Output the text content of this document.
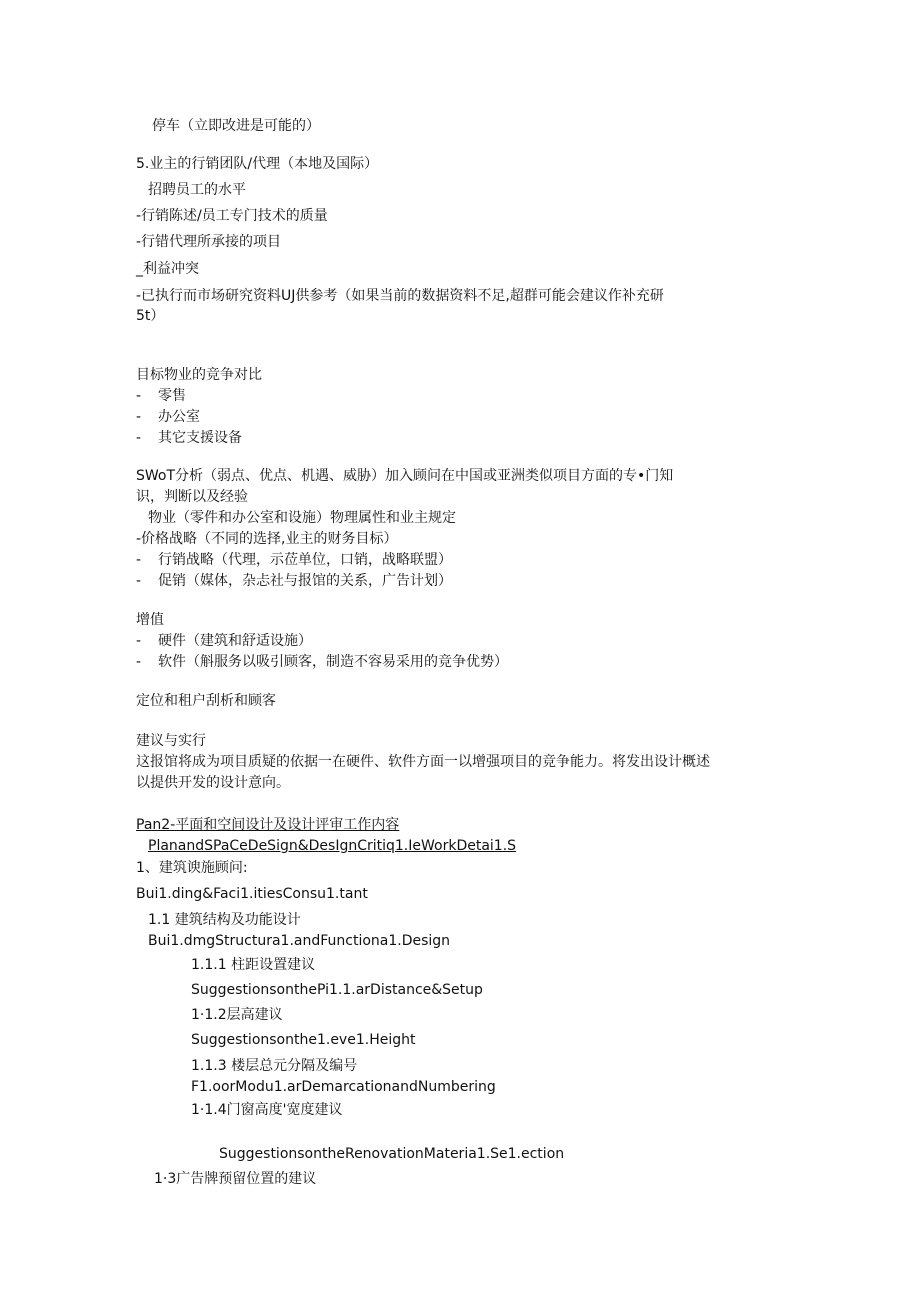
停车（立即改进是可能的）
5.业主的行销团队/代理（本地及国际）
招聘员工的水平
-行销陈述/员工专门技术的质量
-行错代理所承接的项目
_利益冲突
-已执行而市场研究资料UJ供参考（如果当前的数据资料不足,超群可能会建议作补充研
5t）
目标物业的竞争对比
- 零售
- 办公室
- 其它支援设备
SWoT分析（弱点、优点、机遇、威胁）加入顾问在中国或亚洲类似项目方面的专•门知
识，判断以及经验
物业（零件和办公室和设施）物理属性和业主规定
-价格战略（不同的选择,业主的财务目标）
- 行销战略（代理，示莅单位，口销，战略联盟）
- 促销（媒体，杂忐社与报馆的关系，广告计划）
增值
- 硬件（建筑和舒适设施）
- 软件（斛服务以吸引顾客，制造不容易采用的竞争优势）
定位和租户刮析和顾客
建议与实行
这报馆将成为项目质疑的依据一在硬件、软件方面一以增强项目的竞争能力。将发出设计概述
以提供开发的设计意向。
Pan2-平面和空间设计及设计评审工作内容
PlanandSPaCeDeSign&DesIgnCritiq1.IeWorkDetai1.S
1、建筑谀施顾问:
Bui1.ding&Faci1.itiesConsu1.tant
1.1 建筑结构及功能设计
Bui1.dmgStructura1.andFunctiona1.Design
1.1.1 柱距设置建议
SuggestionsonthePi1.1.arDistance&Setup
1·1.2层高建议
Suggestionsonthe1.eve1.Height
1.1.3 楼层总元分隔及编号
F1.oorModu1.arDemarcationandNumbering
1·1.4门窗高度'宽度建议
SuggestionsontheRenovationMateria1.Se1.ection
1·3广告牌预留位置的建议
